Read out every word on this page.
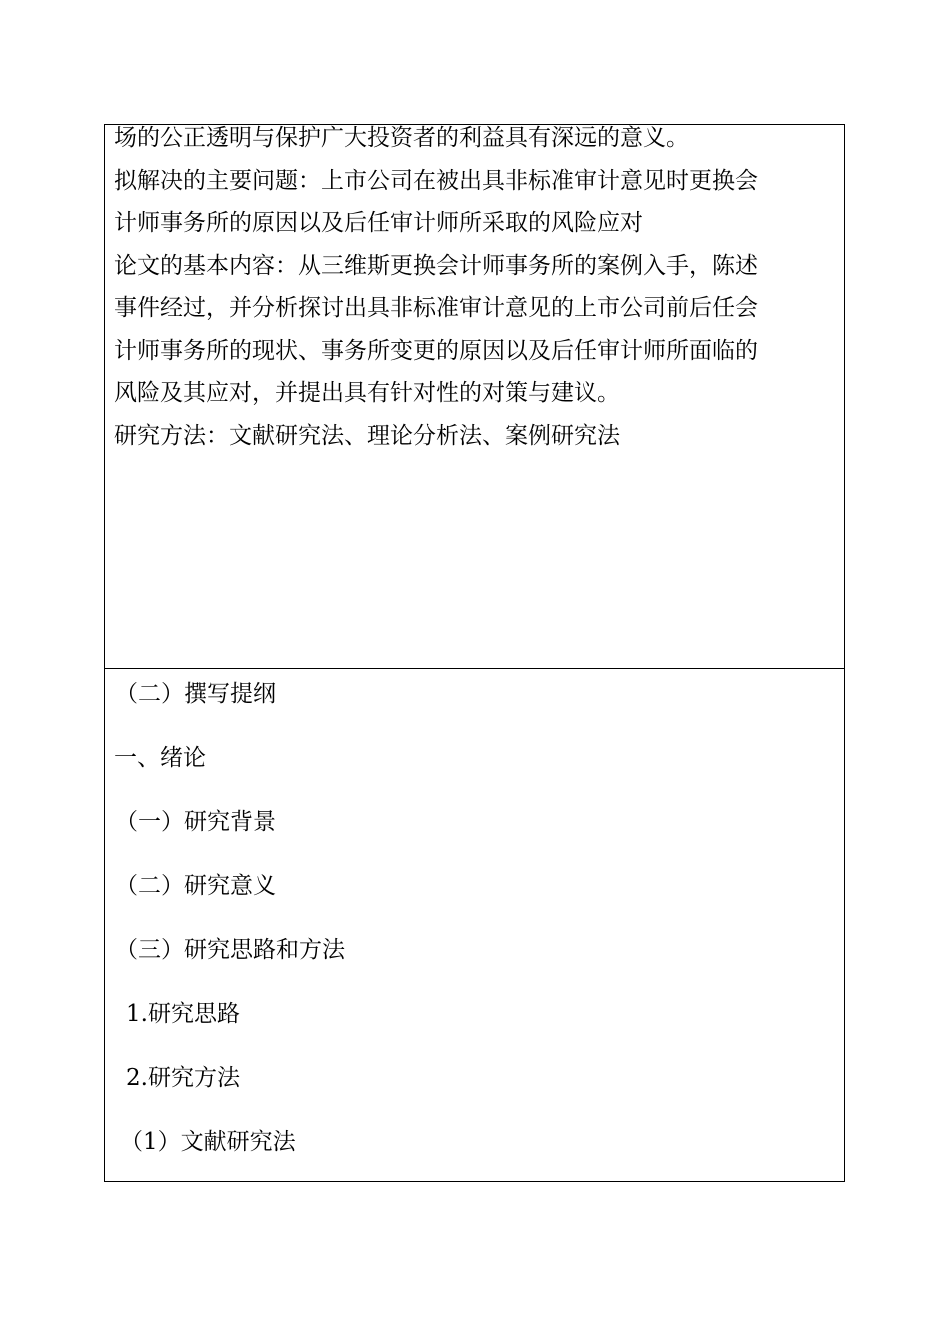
场的公正透明与保护广大投资者的利益具有深远的意义。

拟解决的主要问题：上市公司在被出具非标准审计意见时更换会

计师事务所的原因以及后任审计师所采取的风险应对

论文的基本内容：从三维斯更换会计师事务所的案例入手，陈述

事件经过，并分析探讨出具非标准审计意见的上市公司前后任会

计师事务所的现状、事务所变更的原因以及后任审计师所面临的

风险及其应对，并提出具有针对性的对策与建议。

研究方法：文献研究法、理论分析法、案例研究法

（二）撰写提纲

一、绪论

（一）研究背景

（二）研究意义

（三）研究思路和方法

1.研究思路

2.研究方法

（1）文献研究法
